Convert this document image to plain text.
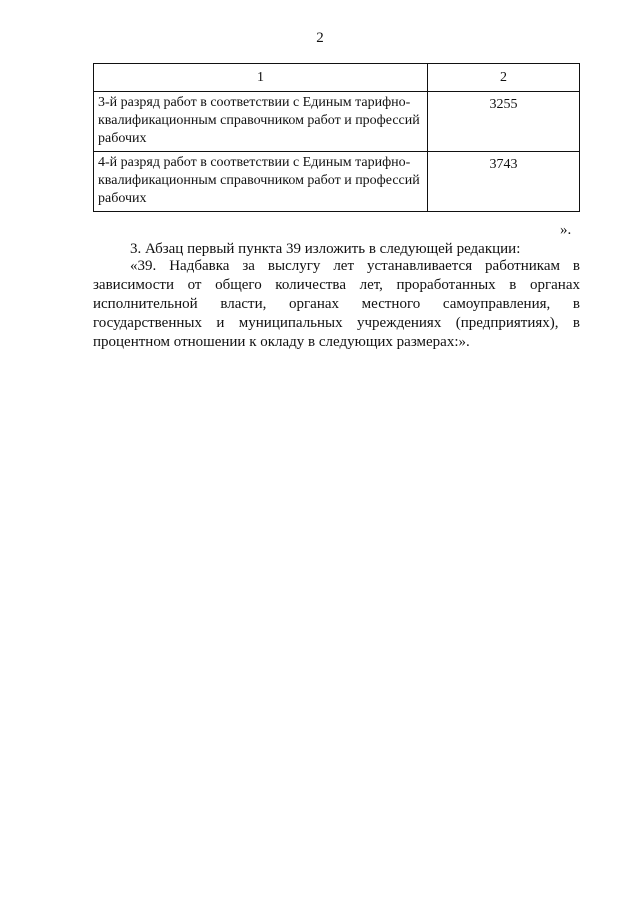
2
1	2
3-й разряд работ в соответствии с Единым тарифно-квалификационным справочником работ и профессий рабочих	3255
4-й разряд работ в соответствии с Единым тарифно-квалификационным справочником работ и профессий рабочих	3743
».
3. Абзац первый пункта 39 изложить в следующей редакции:
«39. Надбавка за выслугу лет устанавливается работникам в зависимости от общего количества лет, проработанных в органах исполнительной власти, органах местного самоуправления, в государственных и муниципальных учреждениях (предприятиях), в процентном отношении к окладу в следующих размерах:».
